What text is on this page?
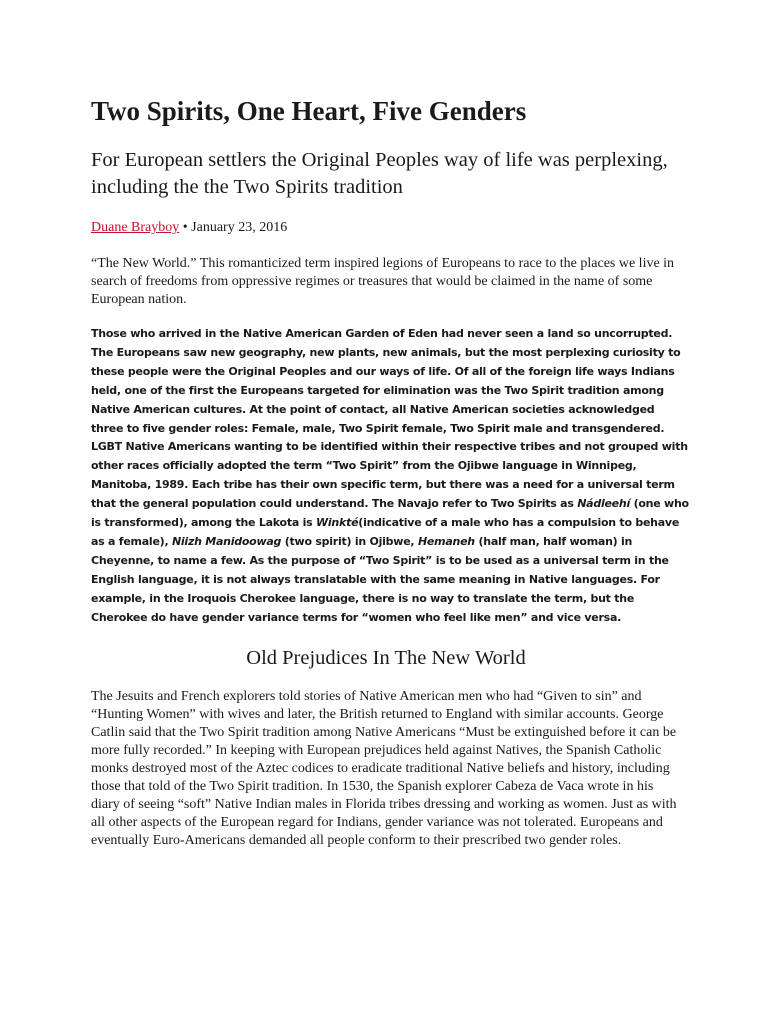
Two Spirits, One Heart, Five Genders
For European settlers the Original Peoples way of life was perplexing, including the the Two Spirits tradition
Duane Brayboy • January 23, 2016

“The New World.” This romanticized term inspired legions of Europeans to race to the places we live in search of freedoms from oppressive regimes or treasures that would be claimed in the name of some European nation.

Those who arrived in the Native American Garden of Eden had never seen a land so uncorrupted. The Europeans saw new geography, new plants, new animals, but the most perplexing curiosity to these people were the Original Peoples and our ways of life. Of all of the foreign life ways Indians held, one of the first the Europeans targeted for elimination was the Two Spirit tradition among Native American cultures. At the point of contact, all Native American societies acknowledged three to five gender roles: Female, male, Two Spirit female, Two Spirit male and transgendered. LGBT Native Americans wanting to be identified within their respective tribes and not grouped with other races officially adopted the term “Two Spirit” from the Ojibwe language in Winnipeg, Manitoba, 1989. Each tribe has their own specific term, but there was a need for a universal term that the general population could understand. The Navajo refer to Two Spirits as Nádleehí (one who is transformed), among the Lakota is Winkté(indicative of a male who has a compulsion to behave as a female), Niizh Manidoowag (two spirit) in Ojibwe, Hemaneh (half man, half woman) in Cheyenne, to name a few. As the purpose of “Two Spirit” is to be used as a universal term in the English language, it is not always translatable with the same meaning in Native languages. For example, in the Iroquois Cherokee language, there is no way to translate the term, but the Cherokee do have gender variance terms for “women who feel like men” and vice versa.

Old Prejudices In The New World

The Jesuits and French explorers told stories of Native American men who had “Given to sin” and “Hunting Women” with wives and later, the British returned to England with similar accounts. George Catlin said that the Two Spirit tradition among Native Americans “Must be extinguished before it can be more fully recorded.” In keeping with European prejudices held against Natives, the Spanish Catholic monks destroyed most of the Aztec codices to eradicate traditional Native beliefs and history, including those that told of the Two Spirit tradition. In 1530, the Spanish explorer Cabeza de Vaca wrote in his diary of seeing “soft” Native Indian males in Florida tribes dressing and working as women. Just as with all other aspects of the European regard for Indians, gender variance was not tolerated. Europeans and eventually Euro-Americans demanded all people conform to their prescribed two gender roles.
